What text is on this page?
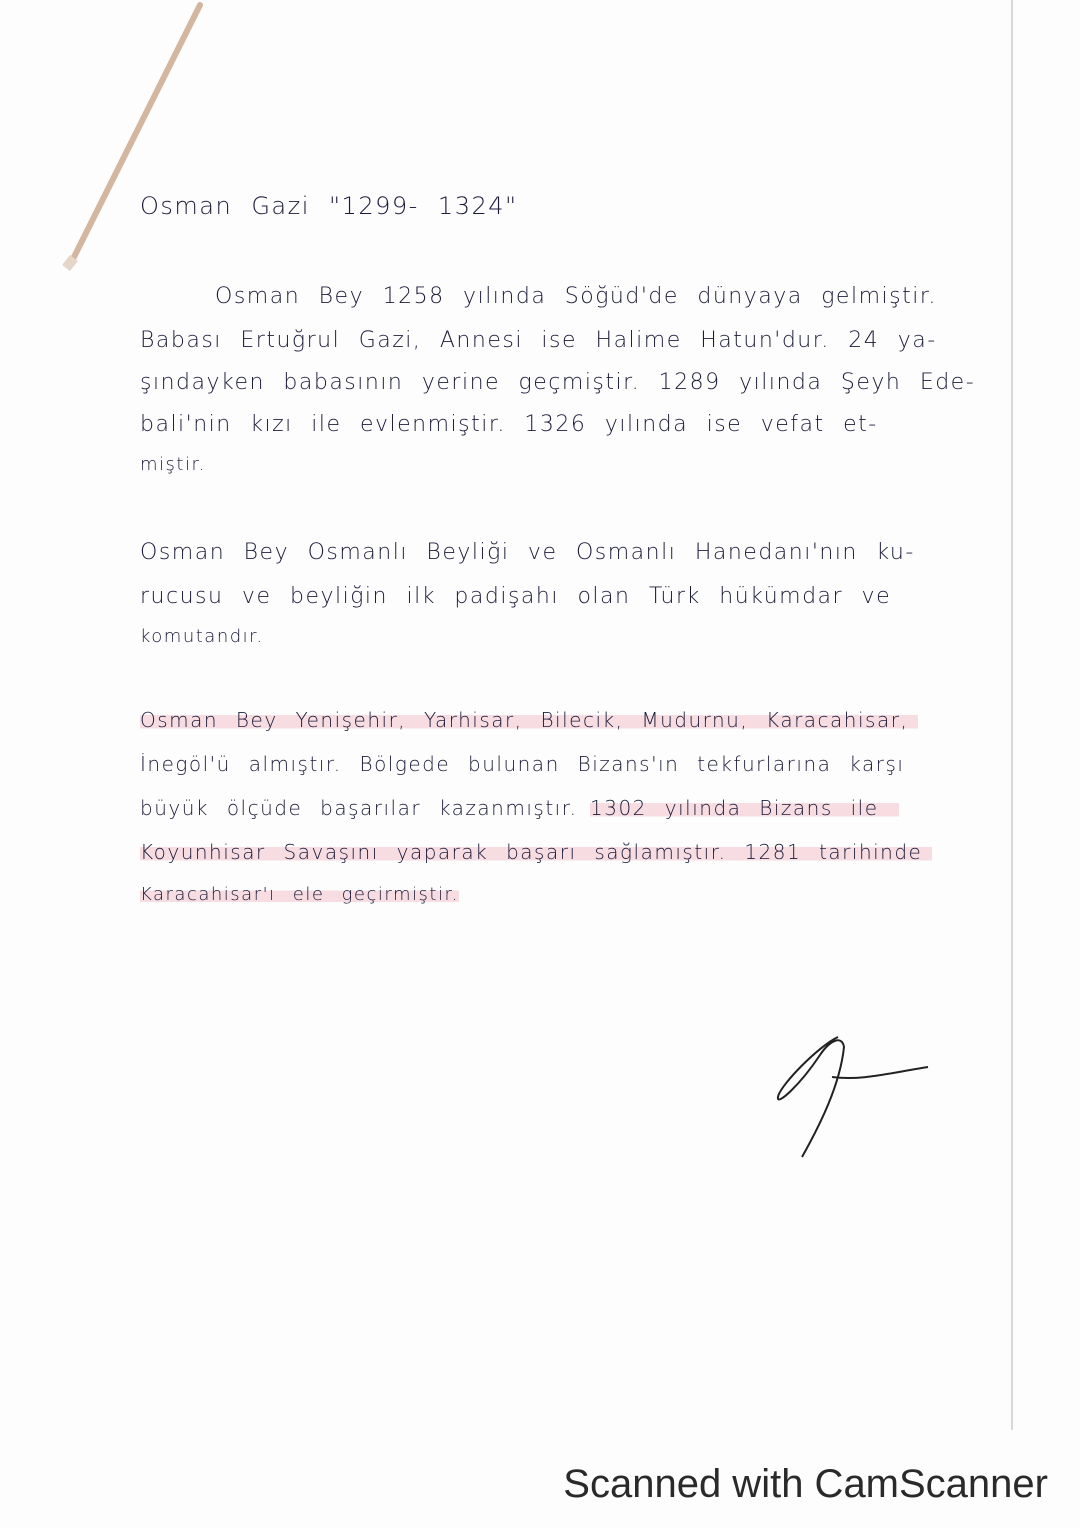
Osman Gazi "1299- 1324"
Osman Bey 1258 yılında Söğüd'de dünyaya gelmiştir.
Babası Ertuğrul Gazi, Annesi ise Halime Hatun'dur. 24 ya-
şındayken babasının yerine geçmiştir. 1289 yılında Şeyh Ede-
bali'nin kızı ile evlenmiştir. 1326 yılında ise vefat et-
miştir.
Osman Bey Osmanlı Beyliği ve Osmanlı Hanedanı'nın ku-
rucusu ve beyliğin ilk padişahı olan Türk hükümdar ve
komutandır.
Osman Bey Yenişehir, Yarhisar, Bilecik, Mudurnu, Karacahisar,
İnegöl'ü almıştır. Bölgede bulunan Bizans'ın tekfurlarına karşı
büyük ölçüde başarılar kazanmıştır. 1302 yılında Bizans ile
Koyunhisar Savaşını yaparak başarı sağlamıştır. 1281 tarihinde
Karacahisar'ı ele geçirmiştir.
Scanned with CamScanner
